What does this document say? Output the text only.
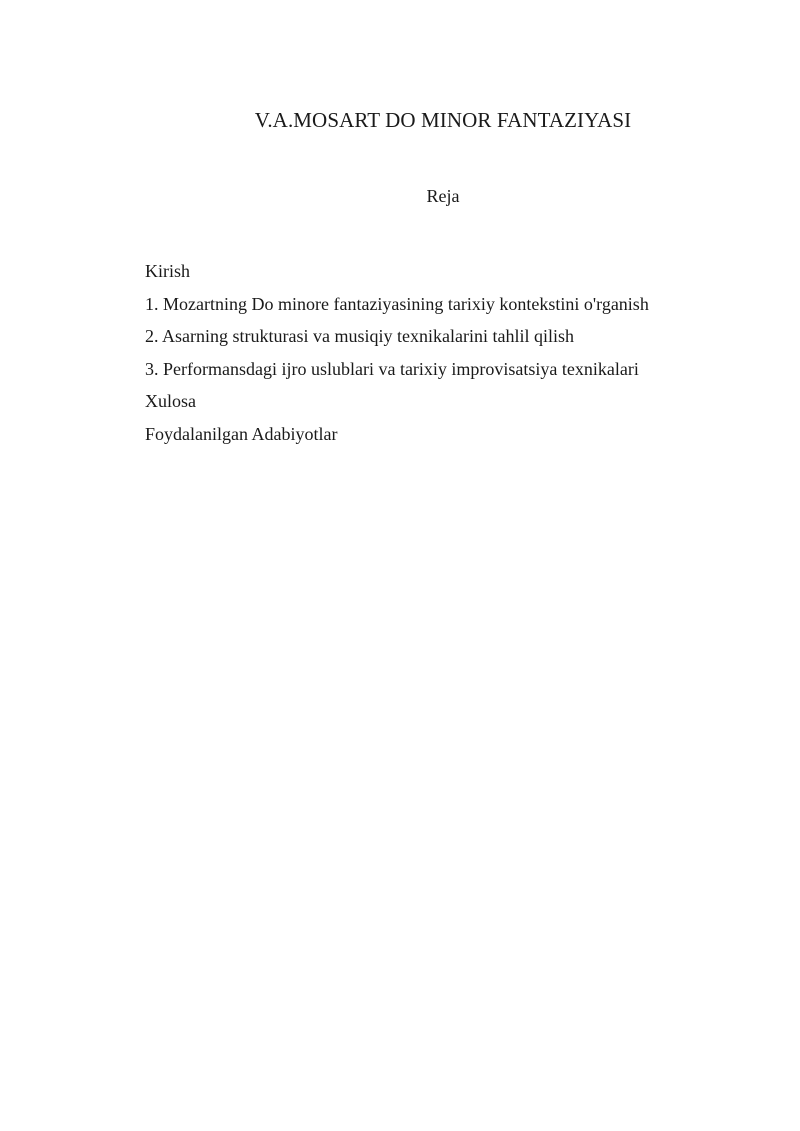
V.A.MOSART DO MINOR FANTAZIYASI
Reja
Kirish
1. Mozartning Do minore fantaziyasining tarixiy kontekstini o'rganish
2. Asarning strukturasi va musiqiy texnikalarini tahlil qilish
3. Performansdagi ijro uslublari va tarixiy improvisatsiya texnikalari
Xulosa
Foydalanilgan Adabiyotlar
